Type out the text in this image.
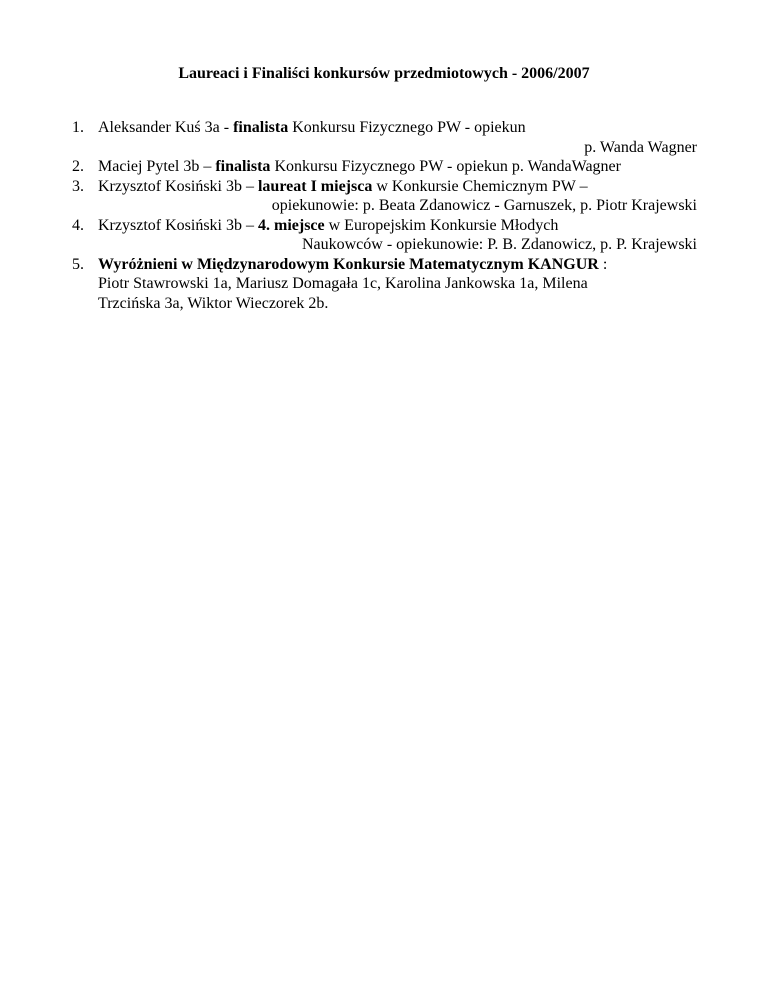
Laureaci i Finaliści konkursów przedmiotowych - 2006/2007
1. Aleksander Kuś 3a - finalista Konkursu Fizycznego PW - opiekun
p. Wanda Wagner
2. Maciej Pytel 3b – finalista Konkursu Fizycznego PW - opiekun p. WandaWagner
3. Krzysztof Kosiński 3b – laureat I miejsca w Konkursie Chemicznym PW –
opiekunowie: p. Beata Zdanowicz - Garnuszek, p. Piotr Krajewski
4. Krzysztof Kosiński 3b – 4. miejsce w Europejskim Konkursie Młodych
Naukowców - opiekunowie: P. B. Zdanowicz, p. P. Krajewski
5. Wyróżnieni w Międzynarodowym Konkursie Matematycznym KANGUR :
Piotr Stawrowski 1a, Mariusz Domagała 1c, Karolina Jankowska 1a, Milena
Trzcińska 3a, Wiktor Wieczorek 2b.
